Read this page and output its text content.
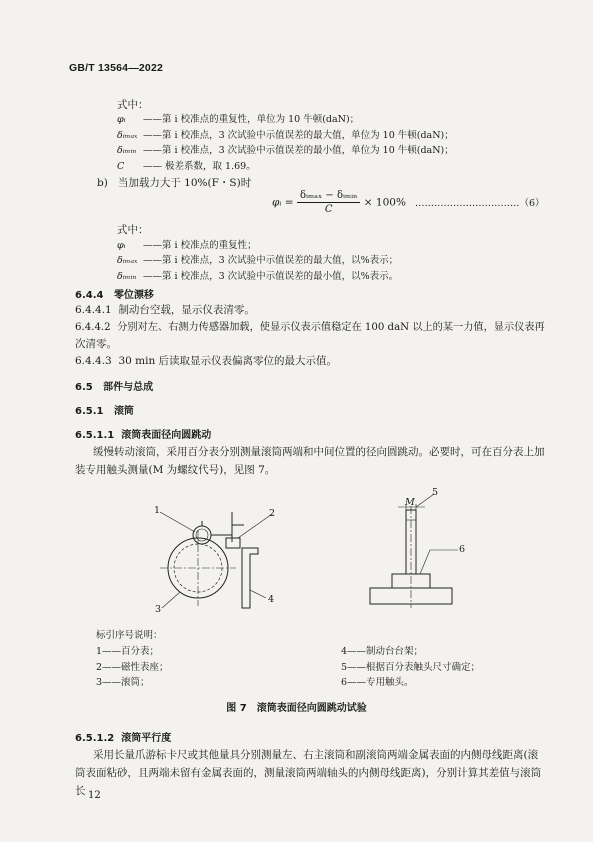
GB/T 13564—2022
式中：
φᵢ ——第 i 校准点的重复性，单位为 10 牛顿(daN)；
δᵢₘₐₓ ——第 i 校准点，3 次试验中示值误差的最大值，单位为 10 牛顿(daN)；
δᵢₘᵢₙ ——第 i 校准点，3 次试验中示值误差的最小值，单位为 10 牛顿(daN)；
C —— 极差系数，取 1.69。
b) 当加载力大于 10%(F・S)时
φᵢ = $\frac{\text{δᵢₘₐₓ − δᵢₘᵢₙ}}{C} \times 100\%$ ……………………………（6）
式中：
φᵢ ——第 i 校准点的重复性；
δᵢₘₐₓ ——第 i 校准点，3 次试验中示值误差的最大值，以%表示；
δᵢₘᵢₙ ——第 i 校准点，3 次试验中示值误差的最小值，以%表示。
6.4.4 零位漂移
6.4.4.1 制动台空载，显示仪表清零。
6.4.4.2 分别对左、右测力传感器加载，使显示仪表示值稳定在 100 daN 以上的某一力值，显示仪表再
次清零。
6.4.4.3 30 min 后读取显示仪表偏离零位的最大示值。
6.5 部件与总成
6.5.1 滚筒
6.5.1.1 滚筒表面径向圆跳动
缓慢转动滚筒，采用百分表分别测量滚筒两端和中间位置的径向圆跳动。必要时，可在百分表上加装专用触头测量(M 为螺纹代号)，见图 7。
1	2
3
4
5
6
M
标引序号说明：
1——百分表；
2——磁性表座；
3——滚筒；
4——制动台台架；
5——根据百分表触头尺寸确定；
6——专用触头。
图 7　滚筒表面径向圆跳动试验
6.5.1.2 滚筒平行度
采用长量爪游标卡尺或其他量具分别测量左、右主滚筒和副滚筒两端金属表面的内侧母线距离(滚筒表面粘砂，且两端未留有金属表面的，测量滚筒两端轴头的内侧母线距离)，分别计算其差值与滚筒长 12
